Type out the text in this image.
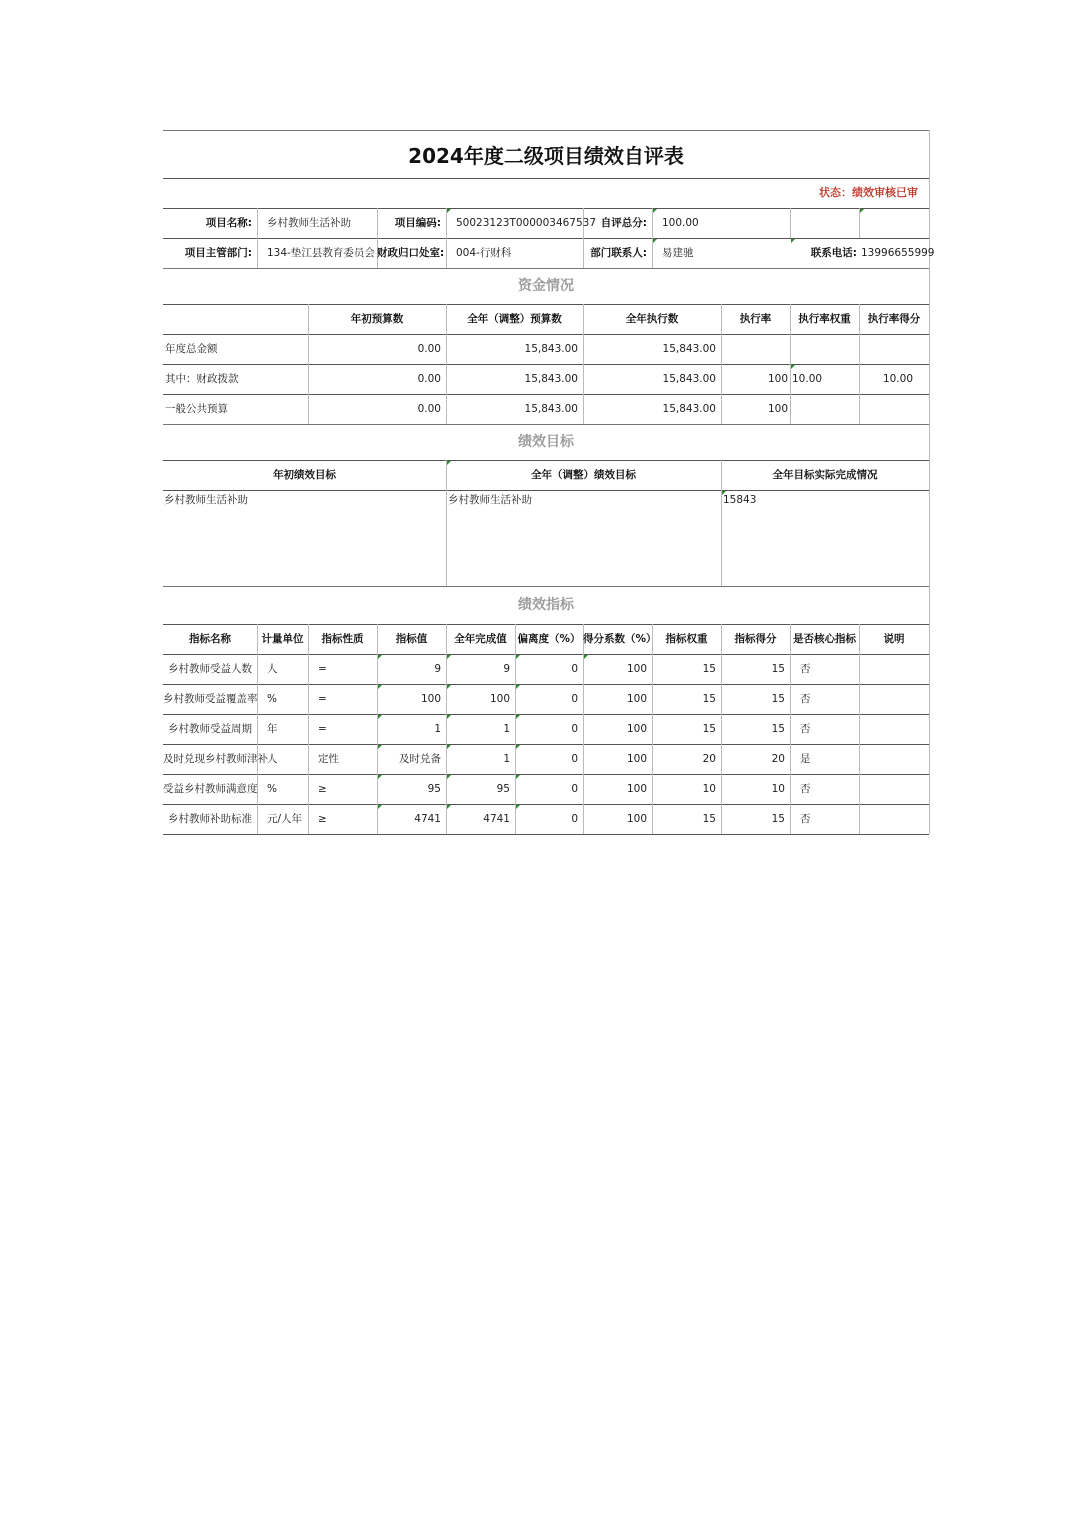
2024年度二级项目绩效自评表
状态：绩效审核已审
项目名称:	乡村教师生活补助	项目编码:	50023123T000003467537 自评总分:	100.00
项目主管部门:	134-垫江县教育委员会 财政归口处室:	004-行财科	部门联系人:	易建驰	联系电话: 13996655999
资金情况
年初预算数	全年（调整）预算数	全年执行数	执行率	执行率权重	执行率得分
年度总金额	0.00	15,843.00	15,843.00
其中：财政拨款	0.00	15,843.00	15,843.00	100 10.00	10.00
一般公共预算	0.00	15,843.00	15,843.00	100
绩效目标
年初绩效目标	全年（调整）绩效目标	全年目标实际完成情况
乡村教师生活补助	乡村教师生活补助	15843
绩效指标
指标名称	计量单位	指标性质	指标值	全年完成值	偏离度（%） 得分系数（%） 指标权重	指标得分	是否核心指标	说明
乡村教师受益人数	人	=	9	9	0	100	15	15	否
乡村教师受益覆盖率 %	=	100	100	0	100	15	15	否
乡村教师受益周期	年	=	1	1	0	100	15	15	否
及时兑现乡村教师津补 人	定性	及时兑备	1	0	100	20	20	是
受益乡村教师满意度 %	≥	95	95	0	100	10	10	否
乡村教师补助标准	元/人年	≥	4741	4741	0	100	15	15	否
